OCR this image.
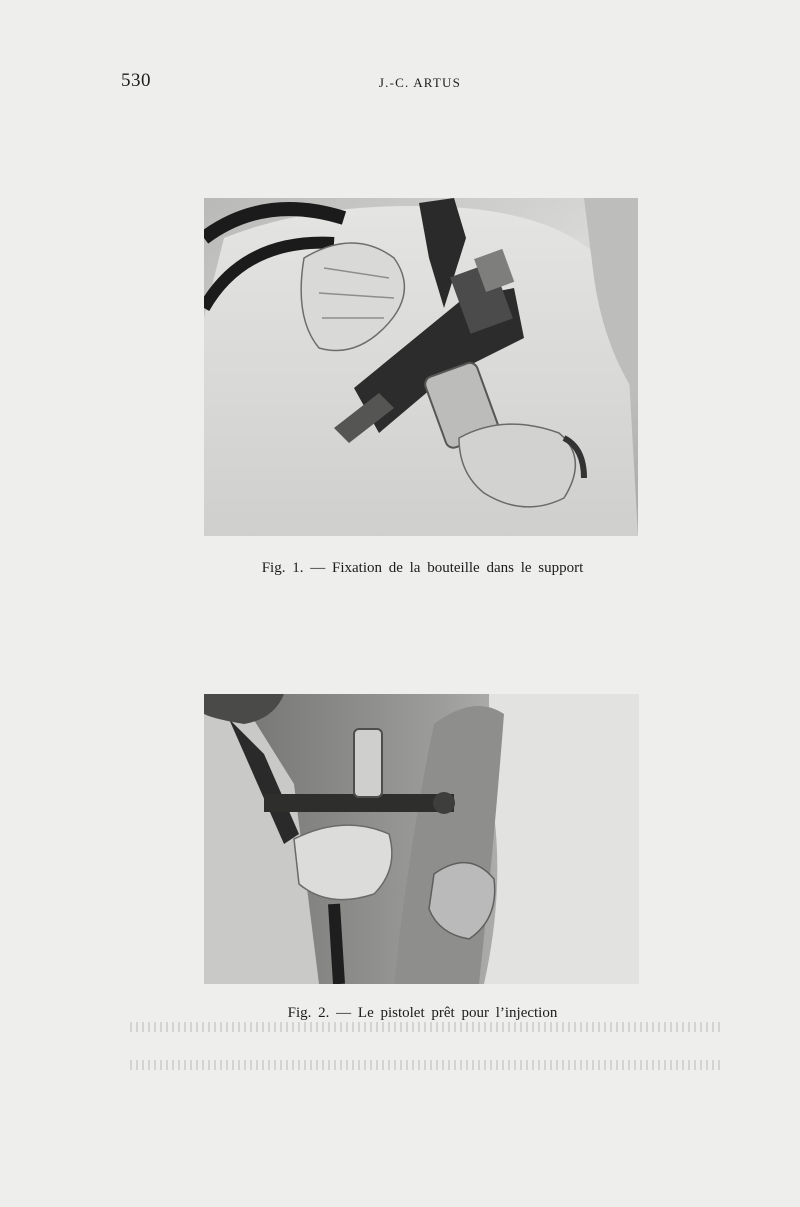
530	J.-C. ARTUS
Fig. 1. — Fixation de la bouteille dans le support
Fig. 2. — Le pistolet prêt pour l’injection
